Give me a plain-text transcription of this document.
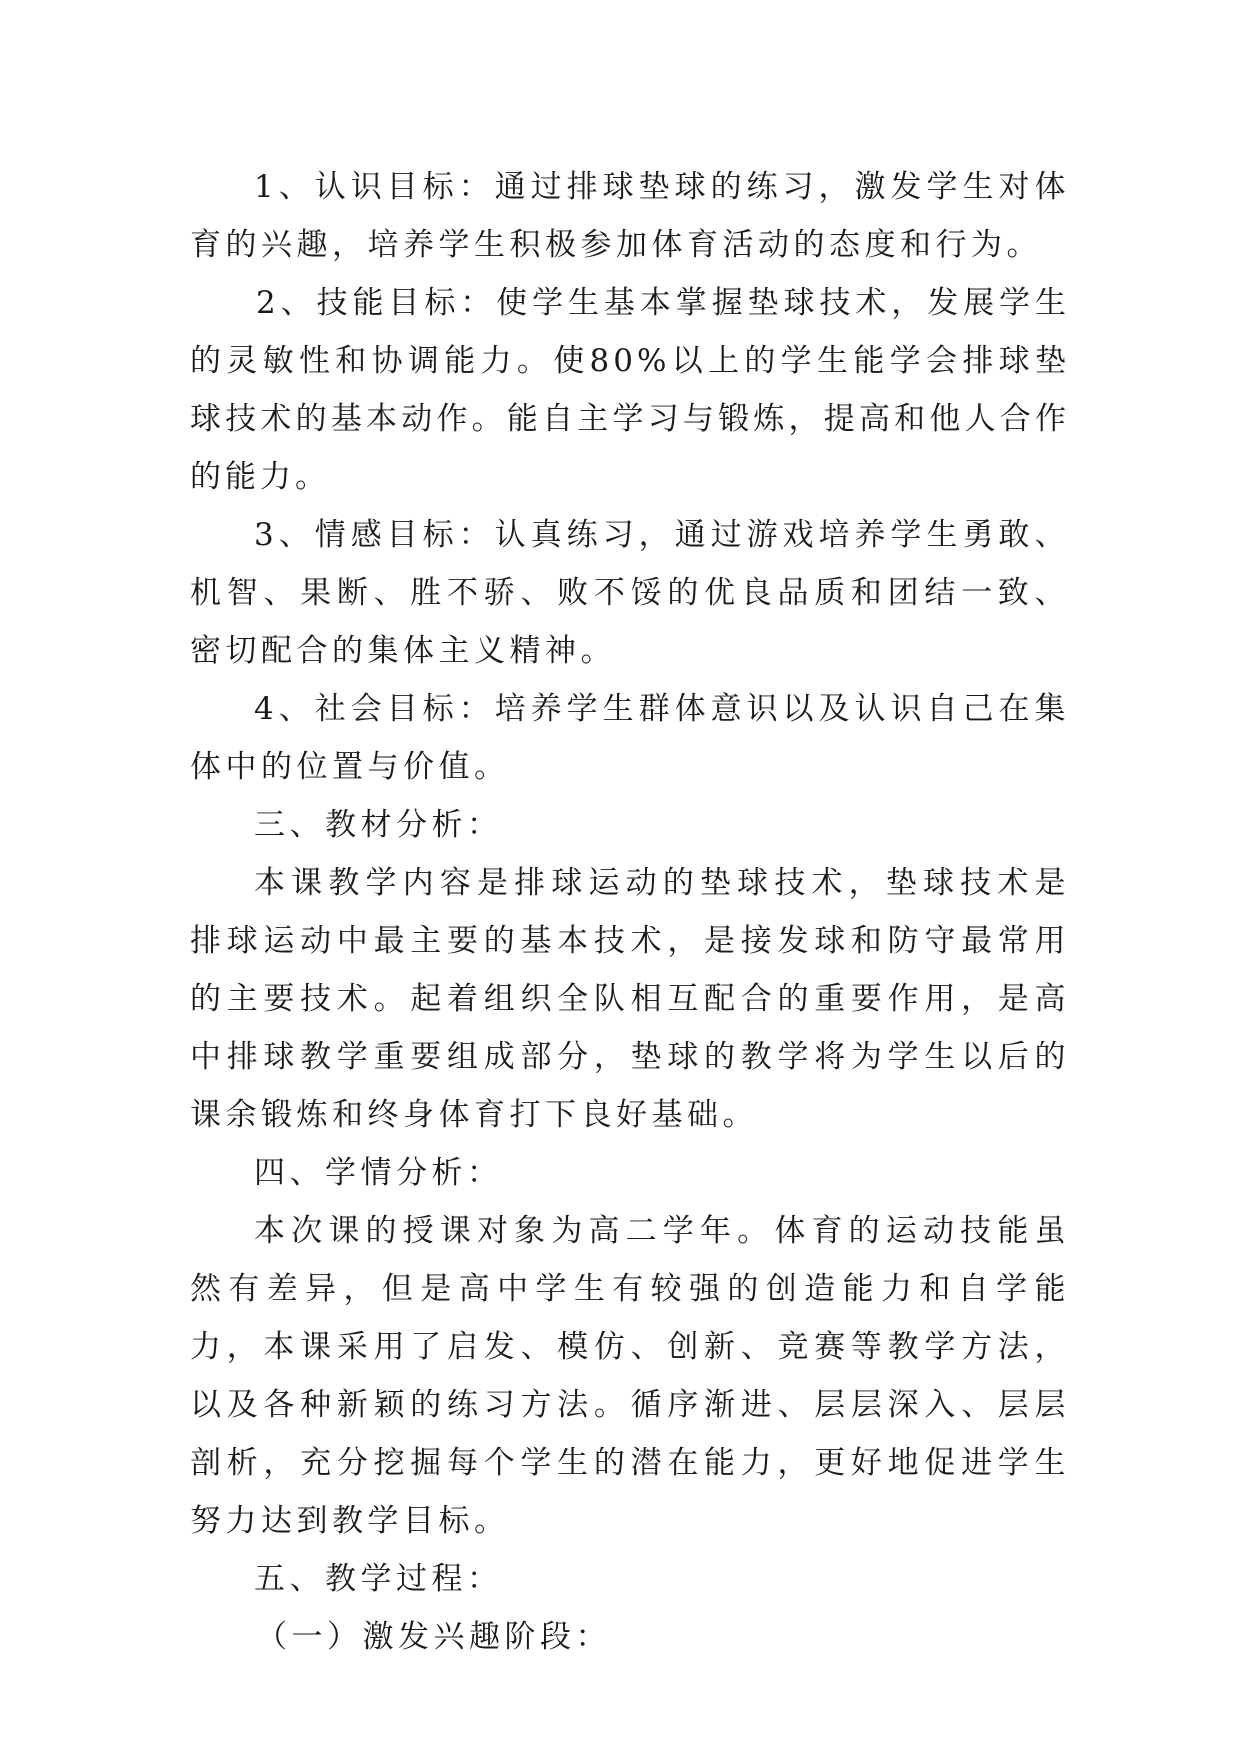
1、认识目标：通过排球垫球的练习，激发学生对体育的兴趣，培养学生积极参加体育活动的态度和行为。

2、技能目标：使学生基本掌握垫球技术，发展学生的灵敏性和协调能力。使80%以上的学生能学会排球垫球技术的基本动作。能自主学习与锻炼，提高和他人合作的能力。

3、情感目标：认真练习，通过游戏培养学生勇敢、机智、果断、胜不骄、败不馁的优良品质和团结一致、密切配合的集体主义精神。

4、社会目标：培养学生群体意识以及认识自己在集体中的位置与价值。

三、教材分析：

本课教学内容是排球运动的垫球技术，垫球技术是排球运动中最主要的基本技术，是接发球和防守最常用的主要技术。起着组织全队相互配合的重要作用，是高中排球教学重要组成部分，垫球的教学将为学生以后的课余锻炼和终身体育打下良好基础。

四、学情分析：

本次课的授课对象为高二学年。体育的运动技能虽然有差异，但是高中学生有较强的创造能力和自学能力，本课采用了启发、模仿、创新、竞赛等教学方法，以及各种新颖的练习方法。循序渐进、层层深入、层层剖析，充分挖掘每个学生的潜在能力，更好地促进学生努力达到教学目标。

五、教学过程：

（一）激发兴趣阶段：
